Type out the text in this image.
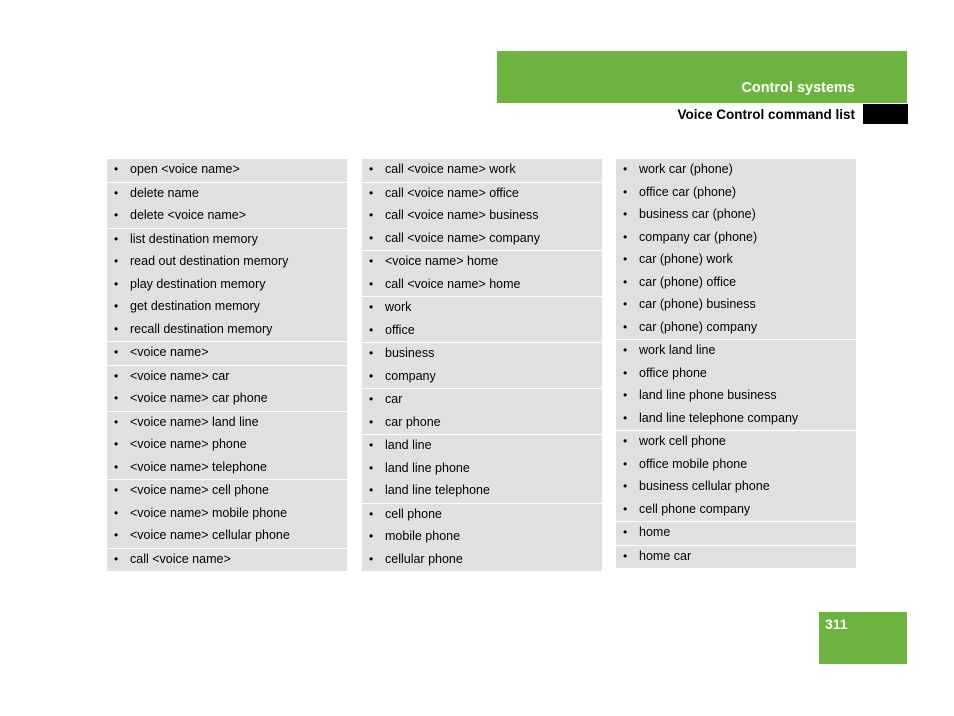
Control systems
Voice Control command list
• open <voice name>
• delete name
• delete <voice name>
• list destination memory
• read out destination memory
• play destination memory
• get destination memory
• recall destination memory
• <voice name>
• <voice name> car
• <voice name> car phone
• <voice name> land line
• <voice name> phone
• <voice name> telephone
• <voice name> cell phone
• <voice name> mobile phone
• <voice name> cellular phone
• call <voice name>
• call <voice name> work
• call <voice name> office
• call <voice name> business
• call <voice name> company
• <voice name> home
• call <voice name> home
• work
• office
• business
• company
• car
• car phone
• land line
• land line phone
• land line telephone
• cell phone
• mobile phone
• cellular phone
• work car (phone)
• office car (phone)
• business car (phone)
• company car (phone)
• car (phone) work
• car (phone) office
• car (phone) business
• car (phone) company
• work land line
• office phone
• land line phone business
• land line telephone company
• work cell phone
• office mobile phone
• business cellular phone
• cell phone company
• home
• home car
311
